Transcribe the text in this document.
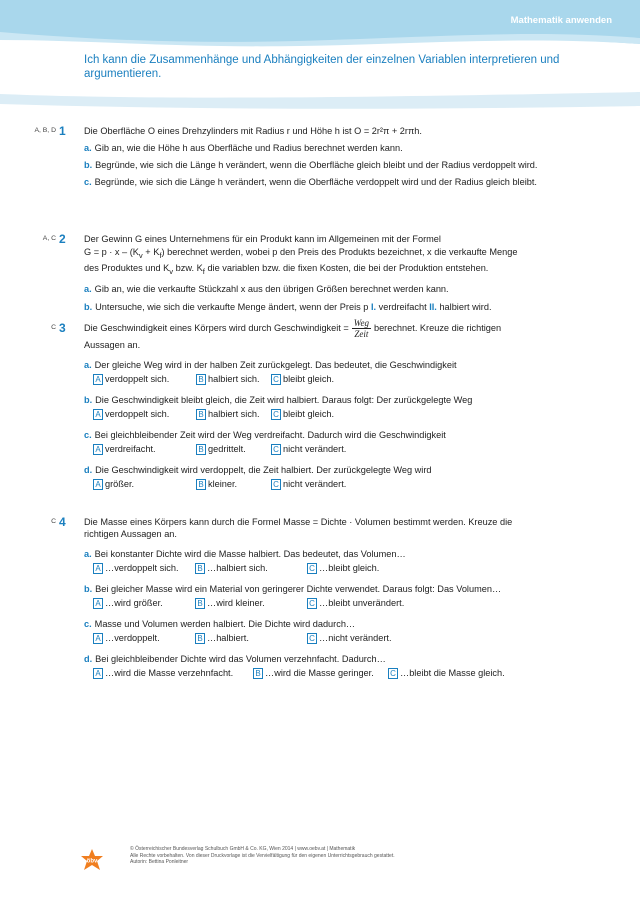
Mathematik anwenden
Ich kann die Zusammenhänge und Abhängigkeiten der einzelnen Variablen interpretieren und argumentieren.
A, B, D 1 Die Oberfläche O eines Drehzylinders mit Radius r und Höhe h ist O = 2r²π + 2rπh.
a. Gib an, wie die Höhe h aus Oberfläche und Radius berechnet werden kann.
b. Begründe, wie sich die Länge h verändert, wenn die Oberfläche gleich bleibt und der Radius verdoppelt wird.
c. Begründe, wie sich die Länge h verändert, wenn die Oberfläche verdoppelt wird und der Radius gleich bleibt.
A, C 2 Der Gewinn G eines Unternehmens für ein Produkt kann im Allgemeinen mit der Formel
$G = p \cdot x - (K_v + K_f)$ berechnet werden, wobei p den Preis des Produkts bezeichnet, x die verkaufte Menge
des Produktes und $K_v$ bzw. $K_f$ die variablen bzw. die fixen Kosten, die bei der Produktion entstehen.
a. Gib an, wie die verkaufte Stückzahl x aus den übrigen Größen berechnet werden kann.
b. Untersuche, wie sich die verkaufte Menge ändert, wenn der Preis p I. verdreifacht II. halbiert wird.
C 3 Die Geschwindigkeit eines Körpers wird durch Geschwindigkeit = $\frac{\text{Weg}}{\text{Zeit}}$ berechnet. Kreuze die richtigen
Aussagen an.
a. Der gleiche Weg wird in der halben Zeit zurückgelegt. Das bedeutet, die Geschwindigkeit
A verdoppelt sich.	B halbiert sich. C bleibt gleich.
b. Die Geschwindigkeit bleibt gleich, die Zeit wird halbiert. Daraus folgt: Der zurückgelegte Weg
A verdoppelt sich.	B halbiert sich. C bleibt gleich.
c. Bei gleichbleibender Zeit wird der Weg verdreifacht. Dadurch wird die Geschwindigkeit
A verdreifacht.	B gedrittelt.	C nicht verändert.
d. Die Geschwindigkeit wird verdoppelt, die Zeit halbiert. Der zurückgelegte Weg wird
A größer.	B kleiner.	C nicht verändert.
C 4 Die Masse eines Körpers kann durch die Formel Masse = Dichte · Volumen bestimmt werden. Kreuze die
richtigen Aussagen an.
a. Bei konstanter Dichte wird die Masse halbiert. Das bedeutet, das Volumen…
A …verdoppelt sich. B …halbiert sich.	C …bleibt gleich.
b. Bei gleicher Masse wird ein Material von geringerer Dichte verwendet. Daraus folgt: Das Volumen…
A …wird größer.	B …wird kleiner.	C …bleibt unverändert.
c. Masse und Volumen werden halbiert. Die Dichte wird dadurch…
A …verdoppelt.	B …halbiert.	C …nicht verändert.
d. Bei gleichbleibender Dichte wird das Volumen verzehnfacht. Dadurch…
A …wird die Masse verzehnfacht.	B …wird die Masse geringer. C …bleibt die Masse gleich.
öbv
© Österreichischer Bundesverlag Schulbuch GmbH & Co. KG, Wien 2014 | www.oebv.at | Mathematik
Alle Rechte vorbehalten. Von dieser Druckvorlage ist die Vervielfältigung für den eigenen Unterrichtsgebrauch gestattet.
Autorin: Bettina Ponleitner
